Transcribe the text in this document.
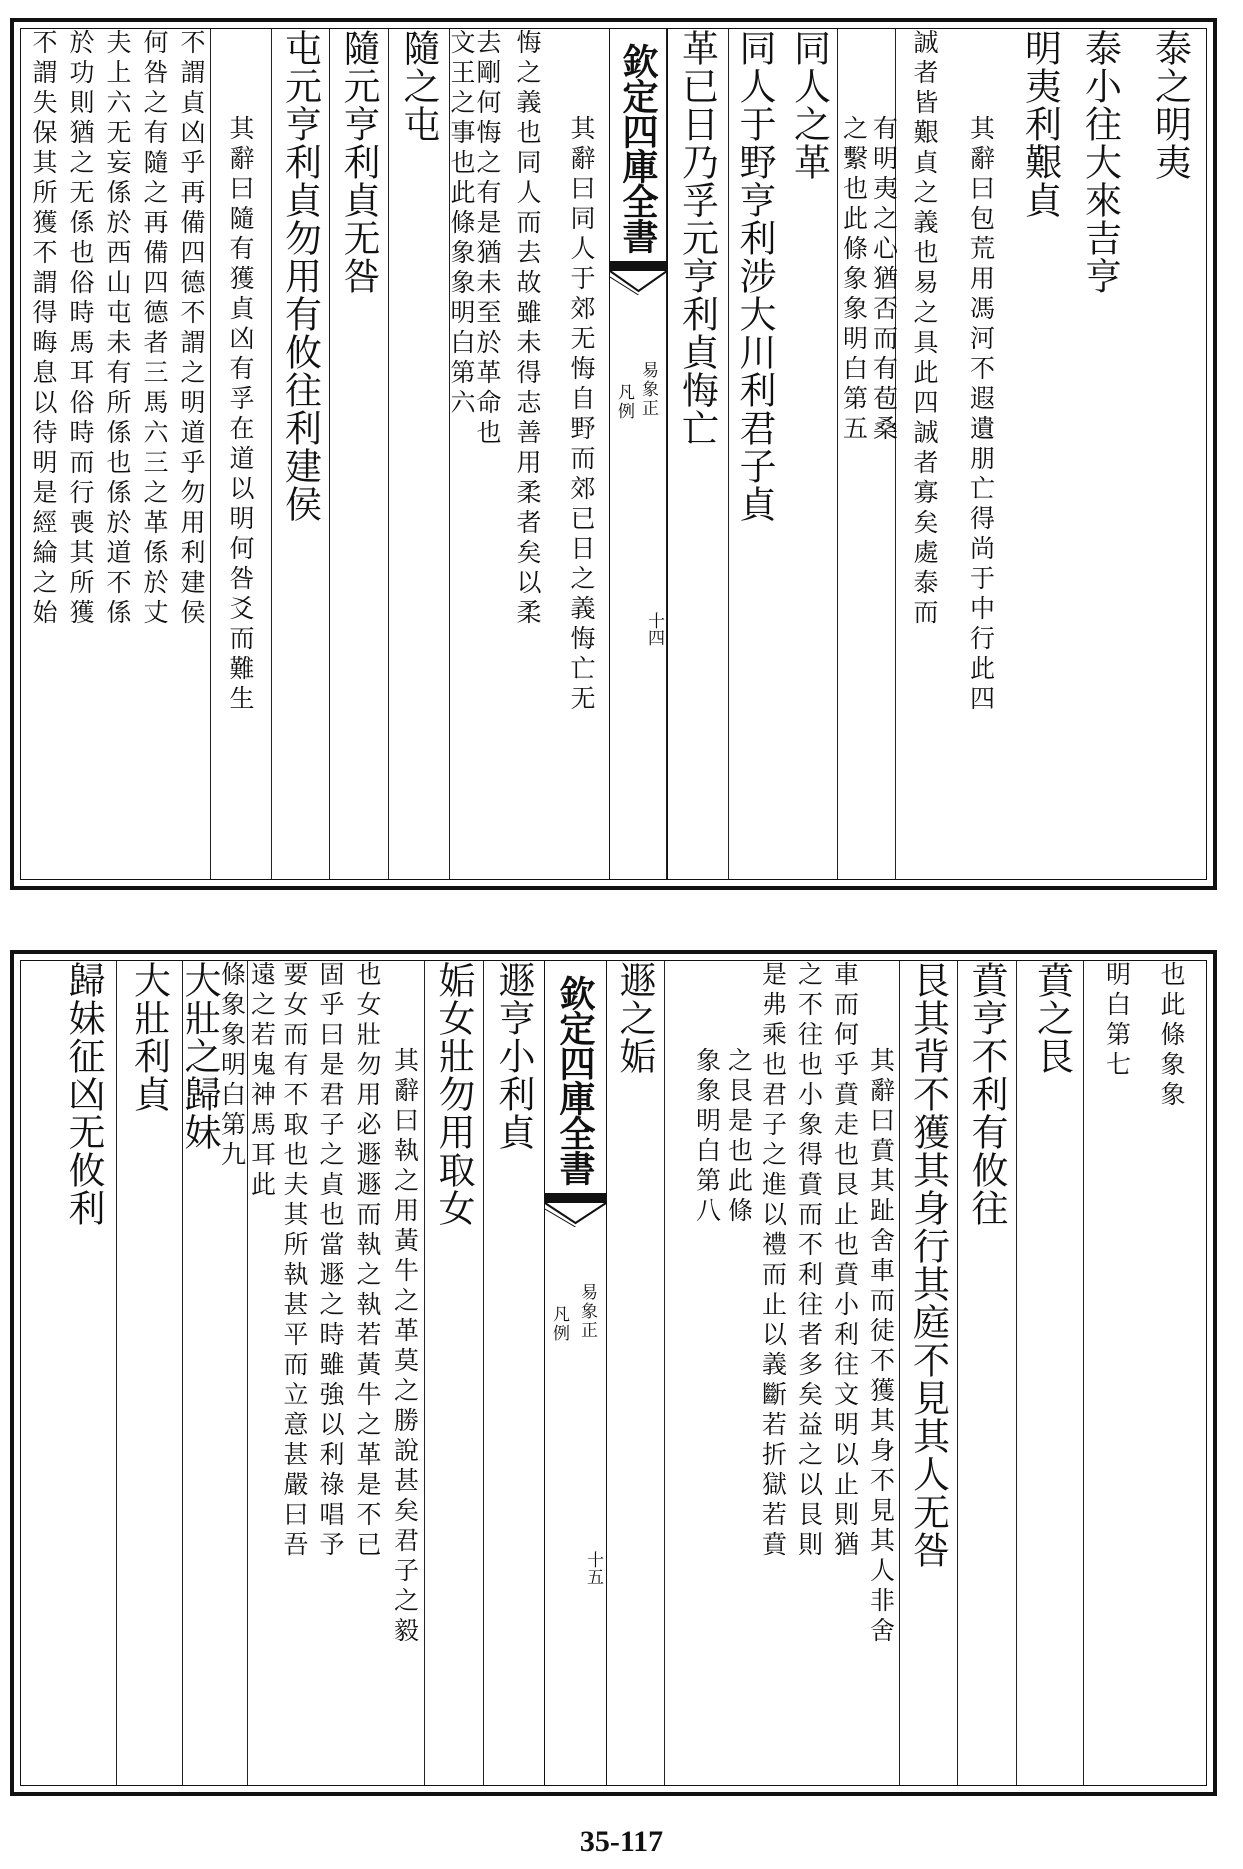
泰之明夷
泰小往大來吉亨
明夷利艱貞
其辭曰包荒用馮河不遐遺朋亡得尚于中行此四
誠者皆艱貞之義也易之具此四誠者寡矣處泰而
有明夷之心猶否而有苞桑
之繫也此條象象明白第五
同人之革
同人于野亨利涉大川利君子貞
革已日乃孚元亨利貞悔亡
欽定四庫全書
易象正
凡例
十四
其辭曰同人于郊无悔自野而郊已日之義悔亡无
悔之義也同人而去故雖未得志善用柔者矣以柔
去剛何悔之有是猶未至於革命也
文王之事也此條象象明白第六
隨之屯
隨元亨利貞无咎
屯元亨利貞勿用有攸往利建侯
其辭曰隨有獲貞凶有孚在道以明何咎爻而難生
不謂貞凶乎再備四德不謂之明道乎勿用利建侯
何咎之有隨之再備四德者三馬六三之革係於丈
夫上六无妄係於西山屯未有所係也係於道不係
於功則猶之无係也俗時馬耳俗時而行喪其所獲
不謂失保其所獲不謂得晦息以待明是經綸之始
也此條象象
明白第七
賁之艮
賁亨不利有攸往
艮其背不獲其身行其庭不見其人无咎
其辭曰賁其趾舍車而徒不獲其身不見其人非舍
車而何乎賁走也艮止也賁小利往文明以止則猶
之不往也小象得賁而不利往者多矣益之以艮則
是弗乘也君子之進以禮而止以義斷若折獄若賁
之艮是也此條
象象明白第八
遯之姤
欽定四庫全書
易象正
凡例
十五
遯亨小利貞
姤女壯勿用取女
其辭曰執之用黃牛之革莫之勝說甚矣君子之毅
也女壯勿用必遯遯而執之執若黃牛之革是不已
固乎曰是君子之貞也當遯之時雖強以利祿唱予
要女而有不取也夫其所執甚平而立意甚嚴曰吾
遠之若鬼神馬耳此
條象象明白第九
大壯之歸妹
大壯利貞
歸妹征凶无攸利
35-117
